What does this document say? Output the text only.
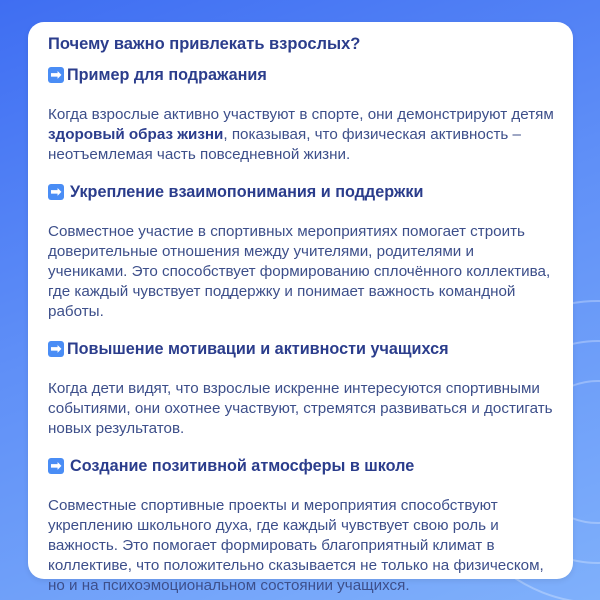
Почему важно привлекать взрослых?
➡ Пример для подражания
Когда взрослые активно участвуют в спорте, они демонстрируют детям здоровый образ жизни, показывая, что физическая активность – неотъемлемая часть повседневной жизни.
➡ Укрепление взаимопонимания и поддержки
Совместное участие в спортивных мероприятиях помогает строить доверительные отношения между учителями, родителями и учениками. Это способствует формированию сплочённого коллектива, где каждый чувствует поддержку и понимает важность командной работы.
➡ Повышение мотивации и активности учащихся
Когда дети видят, что взрослые искренне интересуются спортивными событиями, они охотнее участвуют, стремятся развиваться и достигать новых результатов.
➡ Создание позитивной атмосферы в школе
Совместные спортивные проекты и мероприятия способствуют укреплению школьного духа, где каждый чувствует свою роль и важность. Это помогает формировать благоприятный климат в коллективе, что положительно сказывается не только на физическом, но и на психоэмоциональном состоянии учащихся.
